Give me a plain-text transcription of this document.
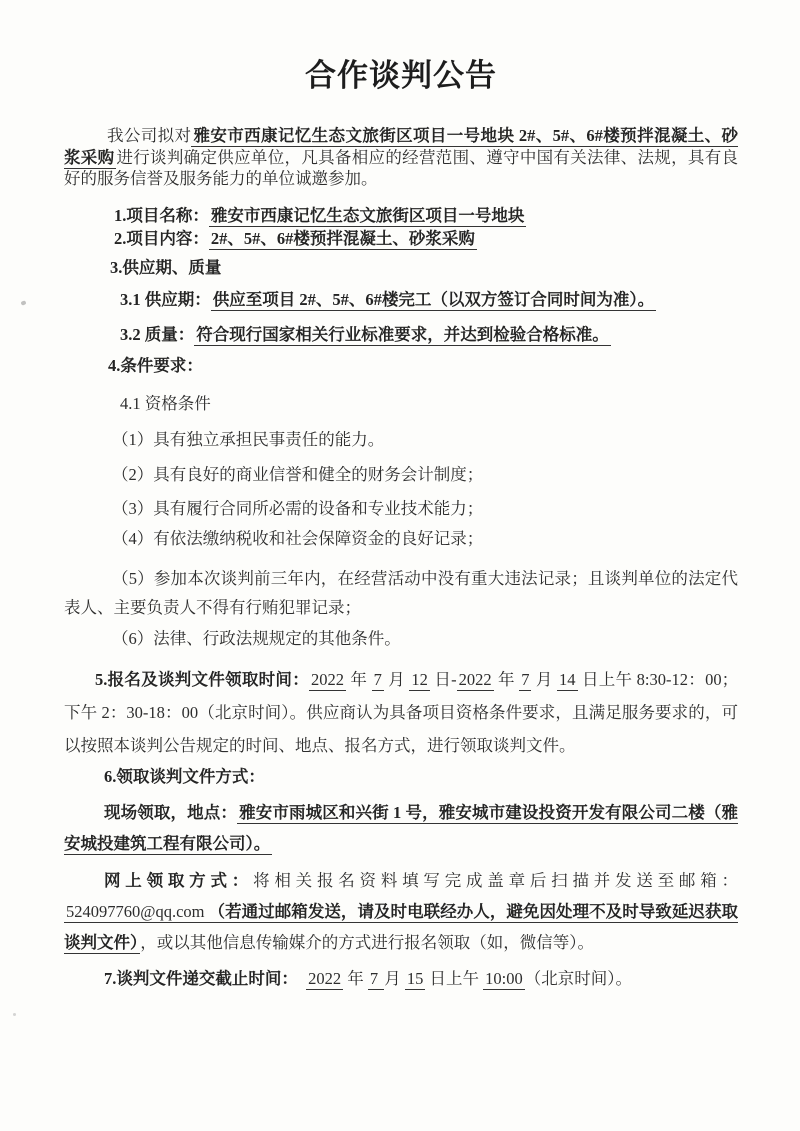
合作谈判公告

我公司拟对 雅安市西康记忆生态文旅街区项目一号地块 2#、5#、6#楼预拌混凝土、砂浆采购 进行谈判确定供应单位，凡具备相应的经营范围、遵守中国有关法律、法规，具有良好的服务信誉及服务能力的单位诚邀参加。

1.项目名称： 雅安市西康记忆生态文旅街区项目一号地块

2.项目内容： 2#、5#、6#楼预拌混凝土、砂浆采购

3.供应期、质量

3.1 供应期： 供应至项目 2#、5#、6#楼完工（以双方签订合同时间为准）。

3.2 质量： 符合现行国家相关行业标准要求，并达到检验合格标准。

4.条件要求：

4.1 资格条件

（1）具有独立承担民事责任的能力。

（2）具有良好的商业信誉和健全的财务会计制度；

（3）具有履行合同所必需的设备和专业技术能力；

（4）有依法缴纳税收和社会保障资金的良好记录；

（5）参加本次谈判前三年内，在经营活动中没有重大违法记录；且谈判单位的法定代表人、主要负责人不得有行贿犯罪记录；

（6）法律、行政法规规定的其他条件。

5.报名及谈判文件领取时间： 2022 年 7 月 12 日- 2022 年 7 月 14 日上午 8:30-12：00；下午 2：30-18：00（北京时间）。供应商认为具备项目资格条件要求，且满足服务要求的，可以按照本谈判公告规定的时间、地点、报名方式，进行领取谈判文件。

6.领取谈判文件方式：

现场领取，地点： 雅安市雨城区和兴街 1 号，雅安城市建设投资开发有限公司二楼（雅安城投建筑工程有限公司）。

网上领取方式：将相关报名资料填写完成盖章后扫描并发送至邮箱：524097760@qq.com （若通过邮箱发送，请及时电联经办人，避免因处理不及时导致延迟获取谈判文件） ，或以其他信息传输媒介的方式进行报名领取（如，微信等）。

7.谈判文件递交截止时间：　 2022 年 7 月 15 日上午 10:00 （北京时间）。
